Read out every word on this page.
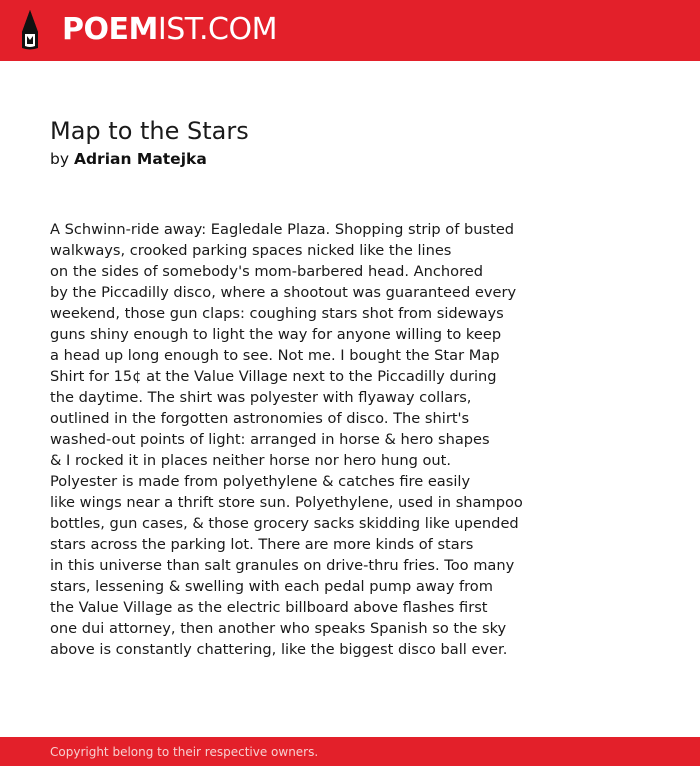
POEMIST.COM
Map to the Stars
by Adrian Matejka
A Schwinn-ride away: Eagledale Plaza. Shopping strip of busted
walkways, crooked parking spaces nicked like the lines
on the sides of somebody's mom-barbered head. Anchored
by the Piccadilly disco, where a shootout was guaranteed every
weekend, those gun claps: coughing stars shot from sideways
guns shiny enough to light the way for anyone willing to keep
a head up long enough to see. Not me. I bought the Star Map
Shirt for 15¢ at the Value Village next to the Piccadilly during
the daytime. The shirt was polyester with flyaway collars,
outlined in the forgotten astronomies of disco. The shirt's
washed-out points of light: arranged in horse & hero shapes
& I rocked it in places neither horse nor hero hung out.
Polyester is made from polyethylene & catches fire easily
like wings near a thrift store sun. Polyethylene, used in shampoo
bottles, gun cases, & those grocery sacks skidding like upended
stars across the parking lot. There are more kinds of stars
in this universe than salt granules on drive-thru fries. Too many
stars, lessening & swelling with each pedal pump away from
the Value Village as the electric billboard above flashes first
one dui attorney, then another who speaks Spanish so the sky
above is constantly chattering, like the biggest disco ball ever.
Copyright belong to their respective owners.
